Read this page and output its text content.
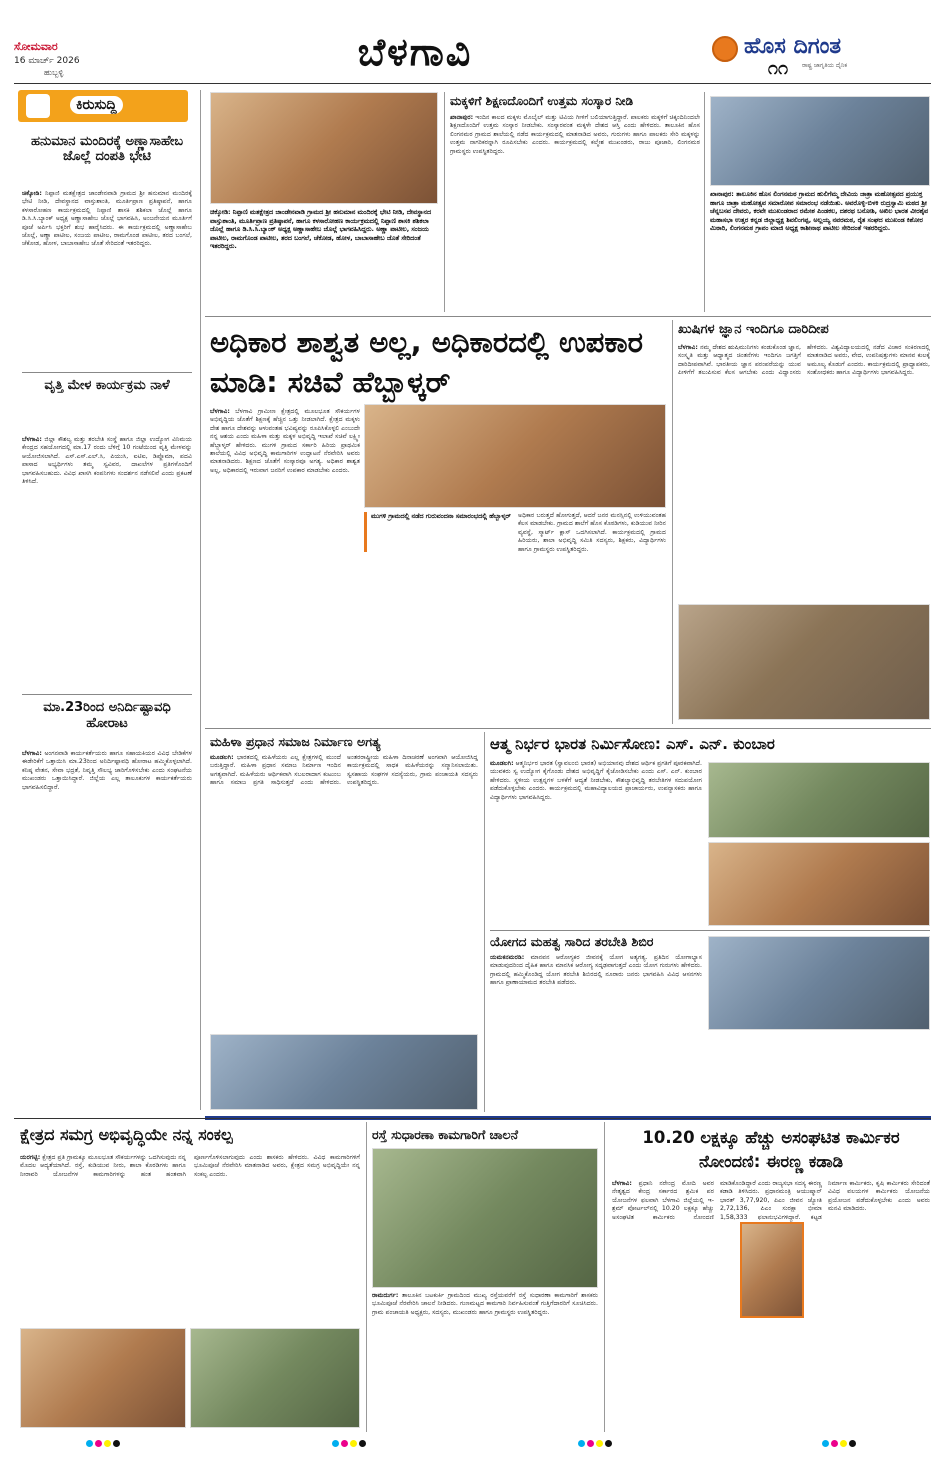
ಸೋಮವಾರ
16 ಮಾರ್ಚ್ 2026
ಹುಬ್ಬಳ್ಳಿ	ಬೆಳಗಾವಿ	ಹೊಸ ದಿಗಂತ
ರಾಷ್ಟ್ರ ಜಾಗೃತಿಯ ದೈನಿಕ
೧೧
ಕಿರುಸುದ್ದಿ
ಹನುಮಾನ ಮಂದಿರಕ್ಕೆ ಅಣ್ಣಾಸಾಹೇಬ ಜೊಲ್ಲೆ ದಂಪತಿ ಭೇಟಿ
ಚಿಕ್ಕೋಡಿ: ನಿಪ್ಪಾಣಿ ಮತಕ್ಷೇತ್ರದ ಜಾಂಡೇನವಾಡಿ ಗ್ರಾಮದ ಶ್ರೀ ಹನುಮಾನ ಮಂದಿರಕ್ಕೆ ಭೇಟಿ ನೀಡಿ, ದೇವಸ್ಥಾನದ ವಾಸ್ತುಶಾಂತಿ, ಮೂರ್ತಿಪ್ರಾಣ ಪ್ರತಿಷ್ಠಾಪನೆ, ಹಾಗೂ ಕಳಸಾರೋಹಣ ಕಾರ್ಯಕ್ರಮದಲ್ಲಿ ನಿಪ್ಪಾಣಿ ಶಾಸಕಿ ಶಶಿಕಲಾ ಜೊಲ್ಲೆ ಹಾಗೂ ಡಿ.ಸಿ.ಸಿ.ಬ್ಯಾಂಕ್ ಅಧ್ಯಕ್ಷ ಅಣ್ಣಾಸಾಹೇಬ ಜೊಲ್ಲೆ ಭಾಗವಹಿಸಿ, ಅಂಜನೇಯನ ಮೂರ್ತಿಗೆ ಪೂಜೆ ಅರ್ಪಿಸಿ ಭಕ್ತರಿಗೆ ಶುಭ ಹಾರೈಸಿದರು. ಈ ಕಾರ್ಯಕ್ರಮದಲ್ಲಿ ಅಣ್ಣಾಸಾಹೇಬ ಜೊಲ್ಲೆ, ಅಣ್ಣಾ ಪಾಟೀಲ, ಸಂಜಯ ಪಾಟೀಲ, ರಾಮಗೊಂಡ ಪಾಟೀಲ, ತರದ ಬಂಗಲೆ, ಚೆಕೋಡ, ಹೋಳ, ಬಾಬಾಸಾಹೇಬ ಜೊತೆ ಸೇರಿದಂತೆ ಇತರರಿದ್ದರು.
ವೃತ್ತಿ ಮೇಳ ಕಾರ್ಯಕ್ರಮ ನಾಳೆ
ಬೆಳಗಾವಿ: ಜಿಲ್ಲಾ ಕೌಶಲ್ಯ ಮತ್ತು ತರಬೇತಿ ಸಂಸ್ಥೆ ಹಾಗೂ ಜಿಲ್ಲಾ ಉದ್ಯೋಗ ವಿನಿಮಯ ಕೇಂದ್ರದ ಸಹಯೋಗದಲ್ಲಿ ಮಾ.17 ರಂದು ಬೆಳಿಗ್ಗೆ 10 ಗಂಟೆಯಿಂದ ವೃತ್ತಿ ಮೇಳವನ್ನು ಆಯೋಜಿಸಲಾಗಿದೆ. ಎಸ್.ಎಸ್.ಎಲ್.ಸಿ, ಪಿಯುಸಿ, ಐಟಿಐ, ಡಿಪ್ಲೊಮಾ, ಪದವಿ ಪಾಸಾದ ಅಭ್ಯರ್ಥಿಗಳು ತಮ್ಮ ಸ್ವವಿವರ, ದಾಖಲೆಗಳ ಪ್ರತಿಗಳೊಂದಿಗೆ ಭಾಗವಹಿಸಬಹುದು. ವಿವಿಧ ಖಾಸಗಿ ಕಂಪನಿಗಳು ಸಂದರ್ಶನ ನಡೆಸಲಿವೆ ಎಂದು ಪ್ರಕಟಣೆ ತಿಳಿಸಿದೆ.
ಮಾ.23ರಿಂದ ಅನಿರ್ದಿಷ್ಟಾವಧಿ ಹೋರಾಟ
ಬೆಳಗಾವಿ: ಅಂಗನವಾಡಿ ಕಾರ್ಯಕರ್ತೆಯರು ಹಾಗೂ ಸಹಾಯಕಿಯರ ವಿವಿಧ ಬೇಡಿಕೆಗಳ ಈಡೇರಿಕೆಗೆ ಒತ್ತಾಯಿಸಿ ಮಾ.23ರಿಂದ ಅನಿರ್ದಿಷ್ಟಾವಧಿ ಹೋರಾಟ ಹಮ್ಮಿಕೊಳ್ಳಲಾಗಿದೆ. ಕನಿಷ್ಠ ವೇತನ, ಸೇವಾ ಭದ್ರತೆ, ನಿವೃತ್ತಿ ಸೌಲಭ್ಯ ಜಾರಿಗೊಳಿಸಬೇಕು ಎಂದು ಸಂಘಟನೆಯ ಮುಖಂಡರು ಒತ್ತಾಯಿಸಿದ್ದಾರೆ. ಜಿಲ್ಲೆಯ ಎಲ್ಲ ತಾಲೂಕುಗಳ ಕಾರ್ಯಕರ್ತೆಯರು ಭಾಗವಹಿಸಲಿದ್ದಾರೆ.
ಚಿಕ್ಕೋಡಿ: ನಿಪ್ಪಾಣಿ ಮತಕ್ಷೇತ್ರದ ಜಾಂಡೇನವಾಡಿ ಗ್ರಾಮದ ಶ್ರೀ ಹನುಮಾನ ಮಂದಿರಕ್ಕೆ ಭೇಟಿ ನೀಡಿ, ದೇವಸ್ಥಾನದ ವಾಸ್ತುಶಾಂತಿ, ಮೂರ್ತಿಪ್ರಾಣ ಪ್ರತಿಷ್ಠಾಪನೆ, ಹಾಗೂ ಕಳಸಾರೋಹಣ ಕಾರ್ಯಕ್ರಮದಲ್ಲಿ ನಿಪ್ಪಾಣಿ ಶಾಸಕಿ ಶಶಿಕಲಾ ಜೊಲ್ಲೆ ಹಾಗೂ ಡಿ.ಸಿ.ಸಿ.ಬ್ಯಾಂಕ್ ಅಧ್ಯಕ್ಷ ಅಣ್ಣಾಸಾಹೇಬ ಜೊಲ್ಲೆ ಭಾಗವಹಿಸಿದ್ದರು. ಅಣ್ಣಾ ಪಾಟೀಲ, ಸಂಜಯ ಪಾಟೀಲ, ರಾಮಗೊಂಡ ಪಾಟೀಲ, ತರದ ಬಂಗಲೆ, ಚೆಕೋಡ, ಹೋಳ, ಬಾಬಾಸಾಹೇಬ ಜೊತೆ ಸೇರಿದಂತೆ ಇತರರಿದ್ದರು.
ಮಕ್ಕಳಿಗೆ ಶಿಕ್ಷಣದೊಂದಿಗೆ ಉತ್ತಮ ಸಂಸ್ಕಾರ ನೀಡಿ
ಖಾನಾಪುರ: ಇಂದಿನ ಕಾಲದ ಮಕ್ಕಳು ಮೊಬೈಲ್ ಮತ್ತು ಟಿವಿಯ ಗೀಳಿಗೆ ಬಲಿಯಾಗುತ್ತಿದ್ದಾರೆ. ಪಾಲಕರು ಮಕ್ಕಳಿಗೆ ಚಿಕ್ಕಂದಿನಿಂದಲೇ ಶಿಕ್ಷಣದೊಂದಿಗೆ ಉತ್ತಮ ಸಂಸ್ಕಾರ ನೀಡಬೇಕು. ಸಂಸ್ಕಾರವಂತ ಮಕ್ಕಳೇ ದೇಶದ ಆಸ್ತಿ ಎಂದು ಹೇಳಿದರು. ತಾಲೂಕಿನ ಹೊಸ ಲಿಂಗನಮಠ ಗ್ರಾಮದ ಶಾಲೆಯಲ್ಲಿ ನಡೆದ ಕಾರ್ಯಕ್ರಮದಲ್ಲಿ ಮಾತನಾಡಿದ ಅವರು, ಗುರುಗಳು ಹಾಗೂ ಪಾಲಕರು ಸೇರಿ ಮಕ್ಕಳನ್ನು ಉತ್ತಮ ನಾಗರಿಕರನ್ನಾಗಿ ರೂಪಿಸಬೇಕು ಎಂದರು. ಕಾರ್ಯಕ್ರಮದಲ್ಲಿ ಕಲ್ಮೇಶ ಮುಖಂಡರು, ರಾಜು ಪೂಜಾರಿ, ಲಿಂಗನಮಠ ಗ್ರಾಮಸ್ಥರು ಉಪಸ್ಥಿತರಿದ್ದರು.
ಖಾನಾಪುರ: ತಾಲೂಕಿನ ಹೊಸ ಲಿಂಗನಮಠ ಗ್ರಾಮದ ಹುಲಿಗೆಮ್ಮ ದೇವಿಯ ಜಾತ್ರಾ ಮಹೋತ್ಸವದ ಪ್ರಯುಕ್ತ ಹಾಗೂ ಜಾತ್ರಾ ಮಹೋತ್ಸವ ಸಮಾರೋಪ ಸಮಾರಂಭ ನಡೆಯಿತು. ಅವರೊಳ್ಳಿ-ಬಿಳಕಿ ರುದ್ರಸ್ವಾಮಿ ಮಠದ ಶ್ರೀ ಚೆನ್ನಬಸವ ದೇವರು, ಕರವೇ ಮುಖಂಡರಾದ ರಮೇಶ ಪಿಂಡಕಲ, ದಶರಥ ಬನೋಶಿ, ಅಖಿಲ ಭಾರತ ವೀರಶೈವ ಮಹಾಸಭಾ ಉತ್ತರ ಕನ್ನಡ ಜಿಲ್ಲಾಧ್ಯಕ್ಷ ಶಿವಲಿಂಗಪ್ಪ, ಅಲ್ಲಯ್ಯ ನವರಮಠ, ರೈತ ಸಂಘದ ಮುಖಂಡ ಕಿಶೋರ ಮಿಠಾರಿ, ಲಿಂಗನಮಠ ಗ್ರಾಪಂ ಮಾಜಿ ಅಧ್ಯಕ್ಷ ಕಾಶೀನಾಥ ಪಾಟೀಲ ಸೇರಿದಂತೆ ಇತರರಿದ್ದರು.
ಅಧಿಕಾರ ಶಾಶ್ವತ ಅಲ್ಲ, ಅಧಿಕಾರದಲ್ಲಿ ಉಪಕಾರ ಮಾಡಿ: ಸಚಿವೆ ಹೆಬ್ಬಾಳ್ಕರ್
ಬೆಳಗಾವಿ: ಬೆಳಗಾವಿ ಗ್ರಾಮೀಣ ಕ್ಷೇತ್ರದಲ್ಲಿ ಮೂಲಭೂತ ಸೌಕರ್ಯಗಳ ಅಭಿವೃದ್ಧಿಯ ಜೊತೆಗೆ ಶಿಕ್ಷಣಕ್ಕೆ ಹೆಚ್ಚಿನ ಒತ್ತು ನೀಡಲಾಗಿದೆ. ಕ್ಷೇತ್ರದ ಮಕ್ಕಳು ದೇಶ ಹಾಗೂ ದೇಶವನ್ನು ಆಳುವಂತಹ ಭವಿಷ್ಯವನ್ನು ರೂಪಿಸಿಕೊಳ್ಳಲಿ ಎಂಬುದೇ ನನ್ನ ಆಶಯ ಎಂದು ಮಹಿಳಾ ಮತ್ತು ಮಕ್ಕಳ ಅಭಿವೃದ್ಧಿ ಇಲಾಖೆ ಸಚಿವೆ ಲಕ್ಷ್ಮೀ ಹೆಬ್ಬಾಳ್ಕರ್ ಹೇಳಿದರು. ಮುಗಳಿ ಗ್ರಾಮದ ಸರ್ಕಾರಿ ಹಿರಿಯ ಪ್ರಾಥಮಿಕ ಶಾಲೆಯಲ್ಲಿ ವಿವಿಧ ಅಭಿವೃದ್ಧಿ ಕಾಮಗಾರಿಗಳ ಉದ್ಘಾಟನೆ ನೆರವೇರಿಸಿ ಅವರು ಮಾತನಾಡಿದರು. ಶಿಕ್ಷಣದ ಜೊತೆಗೆ ಸಂಸ್ಕಾರವೂ ಅಗತ್ಯ. ಅಧಿಕಾರ ಶಾಶ್ವತ ಅಲ್ಲ, ಅಧಿಕಾರದಲ್ಲಿ ಇರುವಾಗ ಜನರಿಗೆ ಉಪಕಾರ ಮಾಡಬೇಕು ಎಂದರು.
ಮುಗಳಿ ಗ್ರಾಮದಲ್ಲಿ ನಡೆದ ಗುರುವಂದನಾ ಸಮಾರಂಭದಲ್ಲಿ ಹೆಬ್ಬಾಳ್ಕರ್	ಅಧಿಕಾರ ಬರುತ್ತದೆ ಹೋಗುತ್ತದೆ, ಆದರೆ ಜನರ ಮನಸ್ಸಿನಲ್ಲಿ ಉಳಿಯುವಂತಹ ಕೆಲಸ ಮಾಡಬೇಕು. ಗ್ರಾಮದ ಶಾಲೆಗೆ ಹೊಸ ಕೊಠಡಿಗಳು, ಕುಡಿಯುವ ನೀರಿನ ವ್ಯವಸ್ಥೆ, ಸ್ಮಾರ್ಟ್ ಕ್ಲಾಸ್ ಒದಗಿಸಲಾಗಿದೆ. ಕಾರ್ಯಕ್ರಮದಲ್ಲಿ ಗ್ರಾಮದ ಹಿರಿಯರು, ಶಾಲಾ ಅಭಿವೃದ್ಧಿ ಸಮಿತಿ ಸದಸ್ಯರು, ಶಿಕ್ಷಕರು, ವಿದ್ಯಾರ್ಥಿಗಳು ಹಾಗೂ ಗ್ರಾಮಸ್ಥರು ಉಪಸ್ಥಿತರಿದ್ದರು.
ಖುಷಿಗಳ ಜ್ಞಾನ ಇಂದಿಗೂ ದಾರಿದೀಪ
ಬೆಳಗಾವಿ: ನಮ್ಮ ದೇಶದ ಋಷಿಮುನಿಗಳು ಕಂಡುಕೊಂಡ ಜ್ಞಾನ, ಸಂಸ್ಕೃತಿ ಮತ್ತು ಆಧ್ಯಾತ್ಮದ ಚಿಂತನೆಗಳು ಇಂದಿಗೂ ಜಗತ್ತಿಗೆ ದಾರಿದೀಪವಾಗಿವೆ. ಭಾರತೀಯ ಜ್ಞಾನ ಪರಂಪರೆಯನ್ನು ಯುವ ಪೀಳಿಗೆಗೆ ತಲುಪಿಸುವ ಕೆಲಸ ಆಗಬೇಕು ಎಂದು ವಿದ್ವಾಂಸರು ಹೇಳಿದರು. ವಿಶ್ವವಿದ್ಯಾಲಯದಲ್ಲಿ ನಡೆದ ವಿಚಾರ ಸಂಕಿರಣದಲ್ಲಿ ಮಾತನಾಡಿದ ಅವರು, ವೇದ, ಉಪನಿಷತ್ತುಗಳು ಮಾನವ ಕುಲಕ್ಕೆ ಅಮೂಲ್ಯ ಕೊಡುಗೆ ಎಂದರು. ಕಾರ್ಯಕ್ರಮದಲ್ಲಿ ಪ್ರಾಧ್ಯಾಪಕರು, ಸಂಶೋಧಕರು ಹಾಗೂ ವಿದ್ಯಾರ್ಥಿಗಳು ಭಾಗವಹಿಸಿದ್ದರು.
ಮಹಿಳಾ ಪ್ರಧಾನ ಸಮಾಜ ನಿರ್ಮಾಣ ಅಗತ್ಯ
ಮೂಡಲಗಿ: ಭಾರತದಲ್ಲಿ ಮಹಿಳೆಯರು ಎಲ್ಲ ಕ್ಷೇತ್ರಗಳಲ್ಲಿ ಮುಂದೆ ಬರುತ್ತಿದ್ದಾರೆ. ಮಹಿಳಾ ಪ್ರಧಾನ ಸಮಾಜ ನಿರ್ಮಾಣ ಇಂದಿನ ಅಗತ್ಯವಾಗಿದೆ. ಮಹಿಳೆಯರು ಆರ್ಥಿಕವಾಗಿ ಸಬಲರಾದಾಗ ಕುಟುಂಬ ಹಾಗೂ ಸಮಾಜ ಪ್ರಗತಿ ಸಾಧಿಸುತ್ತದೆ ಎಂದು ಹೇಳಿದರು. ಅಂತರರಾಷ್ಟ್ರೀಯ ಮಹಿಳಾ ದಿನಾಚರಣೆ ಅಂಗವಾಗಿ ಆಯೋಜಿಸಿದ್ದ ಕಾರ್ಯಕ್ರಮದಲ್ಲಿ ಸಾಧಕ ಮಹಿಳೆಯರನ್ನು ಸನ್ಮಾನಿಸಲಾಯಿತು. ಸ್ವಸಹಾಯ ಸಂಘಗಳ ಸದಸ್ಯೆಯರು, ಗ್ರಾಮ ಪಂಚಾಯತಿ ಸದಸ್ಯರು ಉಪಸ್ಥಿತರಿದ್ದರು.
ಆತ್ಮ ನಿರ್ಭರ ಭಾರತ ನಿರ್ಮಿಸೋಣ: ಎಸ್. ಎನ್. ಕುಂಬಾರ
ಮೂಡಲಗಿ: ಆತ್ಮನಿರ್ಭರ ಭಾರತ (ಸ್ವಾವಲಂಬಿ ಭಾರತ) ಅಭಿಯಾನವು ದೇಶದ ಆರ್ಥಿಕ ಪ್ರಗತಿಗೆ ಪೂರಕವಾಗಿದೆ. ಯುವಕರು ಸ್ವ ಉದ್ಯೋಗ ಕೈಗೊಂಡು ದೇಶದ ಅಭಿವೃದ್ಧಿಗೆ ಕೈಜೋಡಿಸಬೇಕು ಎಂದು ಎಸ್. ಎನ್. ಕುಂಬಾರ ಹೇಳಿದರು. ಸ್ಥಳೀಯ ಉತ್ಪನ್ನಗಳ ಬಳಕೆಗೆ ಆದ್ಯತೆ ನೀಡಬೇಕು, ಕೌಶಲ್ಯಾಭಿವೃದ್ಧಿ ತರಬೇತಿಗಳ ಸದುಪಯೋಗ ಪಡೆದುಕೊಳ್ಳಬೇಕು ಎಂದರು. ಕಾರ್ಯಕ್ರಮದಲ್ಲಿ ಮಹಾವಿದ್ಯಾಲಯದ ಪ್ರಾಚಾರ್ಯರು, ಉಪನ್ಯಾಸಕರು ಹಾಗೂ ವಿದ್ಯಾರ್ಥಿಗಳು ಭಾಗವಹಿಸಿದ್ದರು.
ಯೋಗದ ಮಹತ್ವ ಸಾರಿದ ತರಬೇತಿ ಶಿಬಿರ
ಯಮಕನಮರಡಿ: ಮಾನವನ ಆರೋಗ್ಯಕರ ಜೀವನಕ್ಕೆ ಯೋಗ ಅತ್ಯಗತ್ಯ. ಪ್ರತಿದಿನ ಯೋಗಾಭ್ಯಾಸ ಮಾಡುವುದರಿಂದ ದೈಹಿಕ ಹಾಗೂ ಮಾನಸಿಕ ಆರೋಗ್ಯ ಸದೃಢವಾಗುತ್ತದೆ ಎಂದು ಯೋಗ ಗುರುಗಳು ಹೇಳಿದರು. ಗ್ರಾಮದಲ್ಲಿ ಹಮ್ಮಿಕೊಂಡಿದ್ದ ಯೋಗ ತರಬೇತಿ ಶಿಬಿರದಲ್ಲಿ ನೂರಾರು ಜನರು ಭಾಗವಹಿಸಿ ವಿವಿಧ ಆಸನಗಳು ಹಾಗೂ ಪ್ರಾಣಾಯಾಮದ ತರಬೇತಿ ಪಡೆದರು.
ಕ್ಷೇತ್ರದ ಸಮಗ್ರ ಅಭಿವೃದ್ಧಿಯೇ ನನ್ನ ಸಂಕಲ್ಪ
ಯರಗಟ್ಟಿ: ಕ್ಷೇತ್ರದ ಪ್ರತಿ ಗ್ರಾಮಕ್ಕೂ ಮೂಲಭೂತ ಸೌಕರ್ಯಗಳನ್ನು ಒದಗಿಸುವುದು ನನ್ನ ಮೊದಲ ಆದ್ಯತೆಯಾಗಿದೆ. ರಸ್ತೆ, ಕುಡಿಯುವ ನೀರು, ಶಾಲಾ ಕೊಠಡಿಗಳು ಹಾಗೂ ನೀರಾವರಿ ಯೋಜನೆಗಳ ಕಾಮಗಾರಿಗಳನ್ನು ಹಂತ ಹಂತವಾಗಿ ಪೂರ್ಣಗೊಳಿಸಲಾಗುವುದು ಎಂದು ಶಾಸಕರು ಹೇಳಿದರು. ವಿವಿಧ ಕಾಮಗಾರಿಗಳಿಗೆ ಭೂಮಿಪೂಜೆ ನೆರವೇರಿಸಿ ಮಾತನಾಡಿದ ಅವರು, ಕ್ಷೇತ್ರದ ಸಮಗ್ರ ಅಭಿವೃದ್ಧಿಯೇ ನನ್ನ ಸಂಕಲ್ಪ ಎಂದರು.
ರಸ್ತೆ ಸುಧಾರಣಾ ಕಾಮಗಾರಿಗೆ ಚಾಲನೆ
ರಾಮದುರ್ಗ: ತಾಲೂಕಿನ ಬಟಕುರ್ಕಿ ಗ್ರಾಮದಿಂದ ಮುಖ್ಯ ರಸ್ತೆಯವರೆಗೆ ರಸ್ತೆ ಸುಧಾರಣಾ ಕಾಮಗಾರಿಗೆ ಶಾಸಕರು ಭೂಮಿಪೂಜೆ ನೆರವೇರಿಸಿ ಚಾಲನೆ ನೀಡಿದರು. ಗುಣಮಟ್ಟದ ಕಾಮಗಾರಿ ನಿರ್ವಹಿಸುವಂತೆ ಗುತ್ತಿಗೆದಾರರಿಗೆ ಸೂಚಿಸಿದರು. ಗ್ರಾಮ ಪಂಚಾಯತಿ ಅಧ್ಯಕ್ಷರು, ಸದಸ್ಯರು, ಮುಖಂಡರು ಹಾಗೂ ಗ್ರಾಮಸ್ಥರು ಉಪಸ್ಥಿತರಿದ್ದರು.
10.20 ಲಕ್ಷಕ್ಕೂ ಹೆಚ್ಚು ಅಸಂಘಟಿತ ಕಾರ್ಮಿಕರ ನೋಂದಣಿ: ಈರಣ್ಣ ಕಡಾಡಿ
ಬೆಳಗಾವಿ: ಪ್ರಧಾನಿ ನರೇಂದ್ರ ಮೋದಿ ಅವರ ನೇತೃತ್ವದ ಕೇಂದ್ರ ಸರ್ಕಾರದ ಶ್ರಮಿಕ ಪರ ಯೋಜನೆಗಳ ಫಲವಾಗಿ ಬೆಳಗಾವಿ ಜಿಲ್ಲೆಯಲ್ಲಿ ಇ-ಶ್ರಮ್ ಪೋರ್ಟಲ್‌ನಲ್ಲಿ 10.20 ಲಕ್ಷಕ್ಕೂ ಹೆಚ್ಚು ಅಸಂಘಟಿತ ಕಾರ್ಮಿಕರು ನೋಂದಣಿ ಮಾಡಿಕೊಂಡಿದ್ದಾರೆ ಎಂದು ರಾಜ್ಯಸಭಾ ಸದಸ್ಯ ಈರಣ್ಣ ಕಡಾಡಿ ತಿಳಿಸಿದರು. ಪ್ರಧಾನಮಂತ್ರಿ ಆಯುಷ್ಮಾನ್ ಭಾರತ್ 3,77,920, ಪಿಎಂ ಜೀವನ ಜ್ಯೋತಿ 2,72,136, ಪಿಎಂ ಸುರಕ್ಷಾ ಭೀಮಾ 1,58,333 ಫಲಾನುಭವಿಗಳಿದ್ದಾರೆ. ಕಟ್ಟಡ ನಿರ್ಮಾಣ ಕಾರ್ಮಿಕರು, ಕೃಷಿ ಕಾರ್ಮಿಕರು ಸೇರಿದಂತೆ ವಿವಿಧ ವಲಯಗಳ ಕಾರ್ಮಿಕರು ಯೋಜನೆಯ ಪ್ರಯೋಜನ ಪಡೆದುಕೊಳ್ಳಬೇಕು ಎಂದು ಅವರು ಮನವಿ ಮಾಡಿದರು.
